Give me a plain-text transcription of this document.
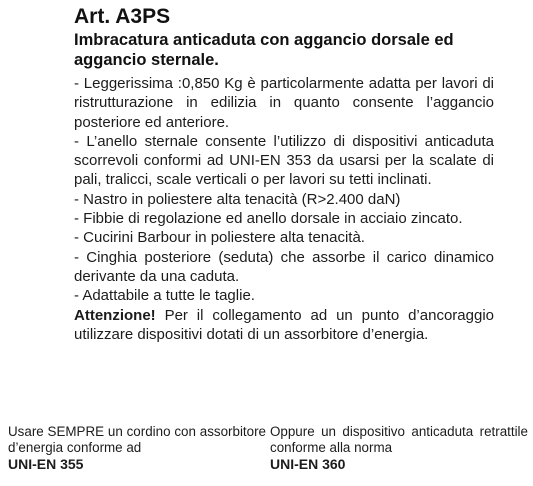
Art. A3PS
Imbracatura anticaduta con aggancio dorsale ed aggancio sternale.

- Leggerissima :0,850 Kg è particolarmente adatta per lavori di ristrutturazione in edilizia in quanto consente l’aggancio posteriore ed anteriore.

- L’anello sternale consente l’utilizzo di dispositivi anticaduta scorrevoli conformi ad UNI-EN 353 da usarsi per la scalate di pali, tralicci, scale verticali o per lavori su tetti inclinati.

- Nastro in poliestere alta tenacità (R>2.400 daN)

- Fibbie di regolazione ed anello dorsale in acciaio zincato.

- Cucirini Barbour in poliestere alta tenacità.

- Cinghia posteriore (seduta) che assorbe il carico dinamico derivante da una caduta.

- Adattabile a tutte le taglie.

Attenzione! Per il collegamento ad un punto d’ancoraggio utilizzare dispositivi dotati di un assorbitore d’energia.

Usare SEMPRE un cordino con assorbitore d’energia conforme ad
UNI-EN 355
Oppure un dispositivo anticaduta retrattile conforme alla norma
UNI-EN 360
